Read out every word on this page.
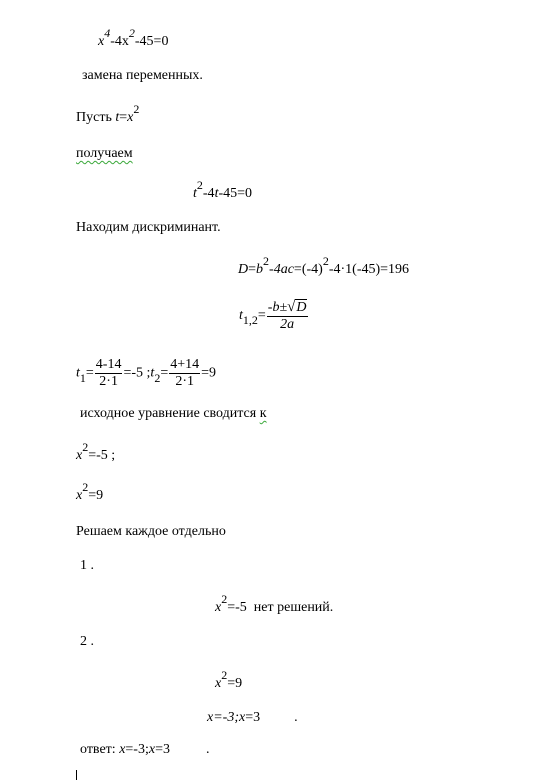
$x^4-4x^2-45=0$
замена переменных.
Пусть $t=x^2$
получаем
$t^2-4t-45=0$
Находим дискриминант.
$D=b^2-4ac=(-4)^2-4\cdot 1(-45)=196$
$t_{1,2}= \frac{-b\pm√D}{2a}$
$t_1= \frac{4-14}{2\cdot 1} =-5$ $;t_2= \frac{4+14}{2\cdot 1} =9$
исходное уравнение сводится к
$x^2=-5$ ;
$x^2=9$
Решаем каждое отдельно
1 .
$x^2=-5$  нет решений.
2 .
$x^2=9$
x=-3;x=3 .
ответ: x=-3;x=3	.
